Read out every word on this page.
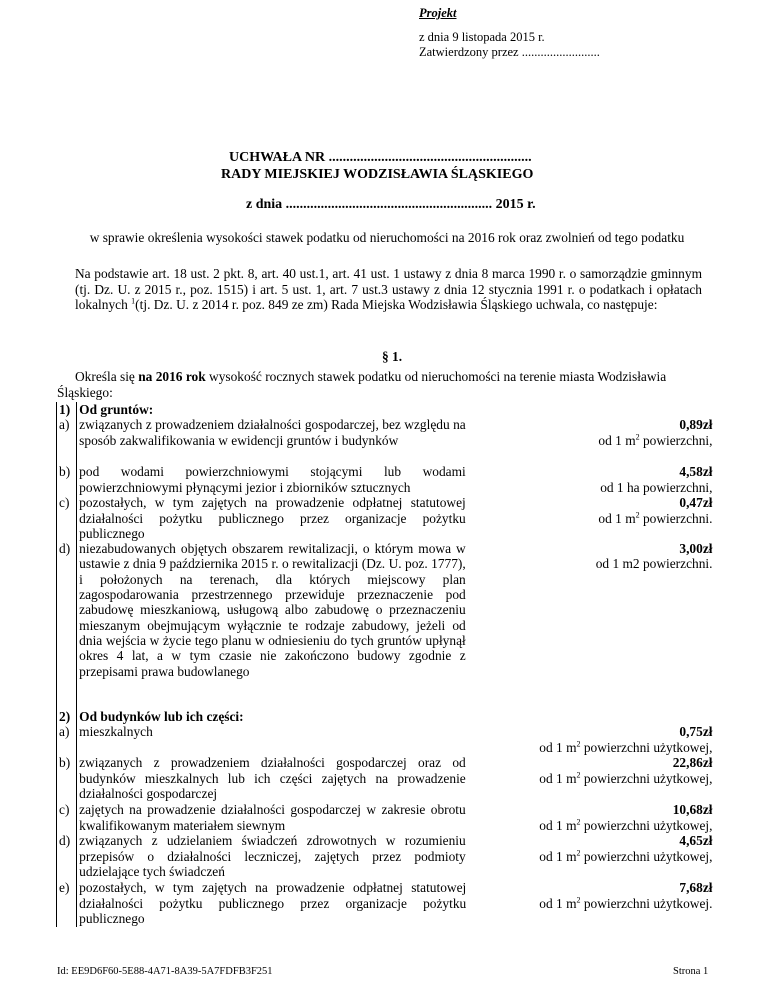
Projekt
z dnia 9 listopada 2015 r.
Zatwierdzony przez .........................
UCHWAŁA NR ..........................................................
RADY MIEJSKIEJ WODZISŁAWIA ŚLĄSKIEGO
z dnia ........................................................... 2015 r.
w sprawie określenia wysokości stawek podatku od nieruchomości na 2016 rok oraz zwolnień od tego podatku
Na podstawie art. 18 ust. 2 pkt. 8, art. 40 ust.1, art. 41 ust. 1 ustawy z dnia 8 marca 1990 r. o samorządzie gminnym (tj. Dz. U. z 2015 r., poz. 1515) i art. 5 ust. 1, art. 7 ust.3 ustawy z dnia 12 stycznia 1991 r. o podatkach i opłatach lokalnych $^1$(tj. Dz. U. z 2014 r. poz. 849 ze zm) Rada Miejska Wodzisławia Śląskiego uchwala, co następuje:
§ 1.
Określa się na 2016 rok wysokość rocznych stawek podatku od nieruchomości na terenie miasta Wodzisławia Śląskiego:
1)	Od gruntów:	
a)	związanych z prowadzeniem działalności gospodarczej, bez względu na sposób zakwalifikowania w ewidencji gruntów i budynków	0,89zł
od 1 $m^2$ powierzchni,

b)	pod wodami powierzchniowymi stojącymi lub wodami powierzchniowymi płynącymi jezior i zbiorników sztucznych	4,58zł
od 1 ha powierzchni,

c)	pozostałych, w tym zajętych na prowadzenie odpłatnej statutowej działalności pożytku publicznego przez organizacje pożytku publicznego	0,47zł
od 1 $m^2$ powierzchni.

d)	niezabudowanych objętych obszarem rewitalizacji, o którym mowa w ustawie z dnia 9 października 2015 r. o rewitalizacji (Dz. U. poz. 1777), i położonych na terenach, dla których miejscowy plan zagospodarowania przestrzennego przewiduje przeznaczenie pod zabudowę mieszkaniową, usługową albo zabudowę o przeznaczeniu mieszanym obejmującym wyłącznie te rodzaje zabudowy, jeżeli od dnia wejścia w życie tego planu w odniesieniu do tych gruntów upłynął okres 4 lat, a w tym czasie nie zakończono budowy zgodnie z przepisami prawa budowlanego	3,00zł
od 1 m2 powierzchni.

2)	Od budynków lub ich części:	
a)	mieszkalnych	0,75zł
od 1 $m^2$ powierzchni użytkowej,

b)	związanych z prowadzeniem działalności gospodarczej oraz od budynków mieszkalnych lub ich części zajętych na prowadzenie działalności gospodarczej	22,86zł
od 1 $m^2$ powierzchni użytkowej,

c)	zajętych na prowadzenie działalności gospodarczej w zakresie obrotu kwalifikowanym materiałem siewnym	10,68zł
od 1 $m^2$ powierzchni użytkowej,

d)	związanych z udzielaniem świadczeń zdrowotnych w rozumieniu przepisów o działalności leczniczej, zajętych przez podmioty udzielające tych świadczeń	4,65zł
od 1 $m^2$ powierzchni użytkowej,

e)	pozostałych, w tym zajętych na prowadzenie odpłatnej statutowej działalności pożytku publicznego przez organizacje pożytku publicznego	7,68zł
od 1 $m^2$ powierzchni użytkowej.
Id: EE9D6F60-5E88-4A71-8A39-5A7FDFB3F251	Strona 1
